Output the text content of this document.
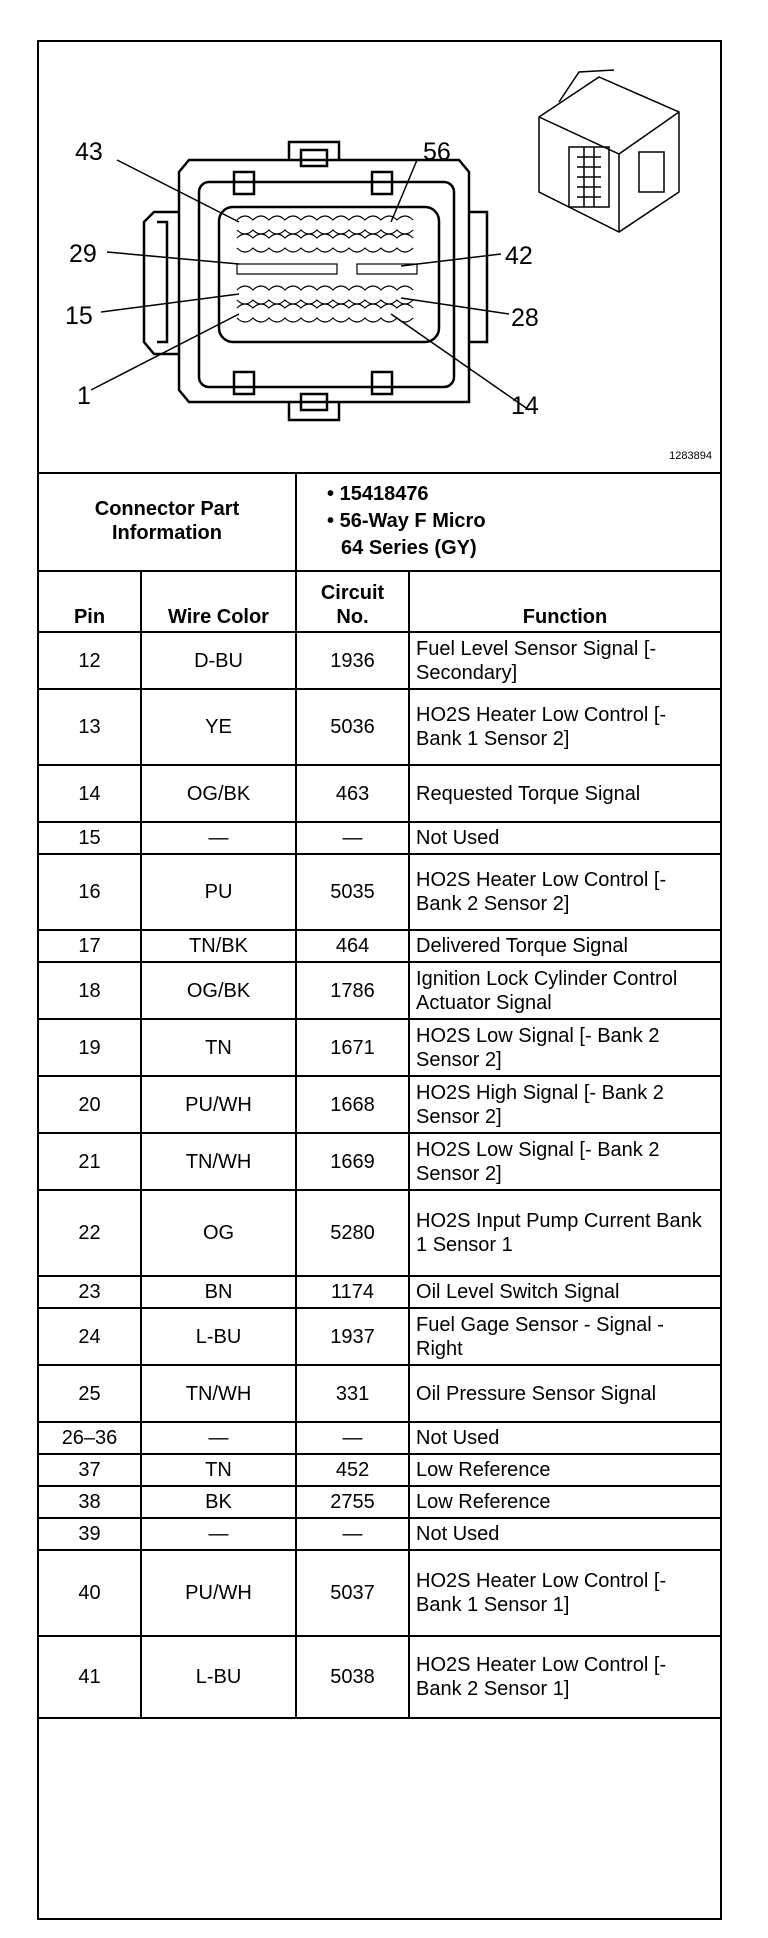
43	56
29	42
15	28
1	14
1283894
Connector Part Information		• 15418476
• 56-Way F Micro
64 Series (GY)	

Pin	Wire Color	Circuit No.	Function
12	D-BU	1936	Fuel Level Sensor Signal [- Secondary]
13	YE	5036	HO2S Heater Low Control [- Bank 1 Sensor 2]
14	OG/BK	463	Requested Torque Signal
15	—	—	Not Used
16	PU	5035	HO2S Heater Low Control [- Bank 2 Sensor 2]
17	TN/BK	464	Delivered Torque Signal
18	OG/BK	1786	Ignition Lock Cylinder Control Actuator Signal
19	TN	1671	HO2S Low Signal [- Bank 2 Sensor 2]
20	PU/WH	1668	HO2S High Signal [- Bank 2 Sensor 2]
21	TN/WH	1669	HO2S Low Signal [- Bank 2 Sensor 2]
22	OG	5280	HO2S Input Pump Current Bank 1 Sensor 1
23	BN	1174	Oil Level Switch Signal
24	L-BU	1937	Fuel Gage Sensor - Signal - Right
25	TN/WH	331	Oil Pressure Sensor Signal
26–36	—	—	Not Used
37	TN	452	Low Reference
38	BK	2755	Low Reference
39	—	—	Not Used
40	PU/WH	5037	HO2S Heater Low Control [- Bank 1 Sensor 1]
41	L-BU	5038	HO2S Heater Low Control [- Bank 2 Sensor 1]
